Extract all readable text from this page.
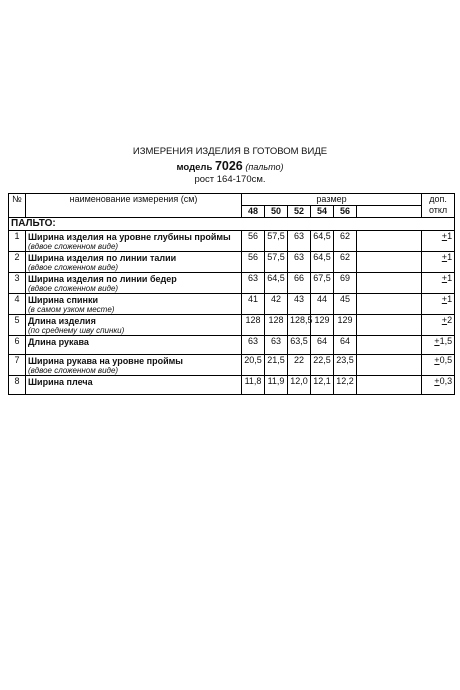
ИЗМЕРЕНИЯ ИЗДЕЛИЯ В ГОТОВОМ ВИДЕ
модель 7026 (пальто)
рост 164-170см.
№	наименование измерения (см)	размер						доп.
откл
		48	50	52	54	56		
ПАЛЬТО:								
1	Ширина изделия на уровне глубины проймы
(вдвое сложенном виде)	56	57,5	63	64,5	62		+1
2	Ширина изделия по линии талии
(вдвое сложенном виде)	56	57,5	63	64,5	62		+1
3	Ширина изделия по линии бедер
(вдвое сложенном виде)	63	64,5	66	67,5	69		+1
4	Ширина спинки
(в самом узком месте)	41	42	43	44	45		+1
5	Длина изделия
(по среднему шву спинки)	128	128	128,5	129	129		+2
6	Длина рукава	63	63	63,5	64	64		+1,5
7	Ширина рукава на уровне проймы
(вдвое сложенном виде)	20,5	21,5	22	22,5	23,5		+0,5
8	Ширина плеча	11,8	11,9	12,0	12,1	12,2		+0,3
